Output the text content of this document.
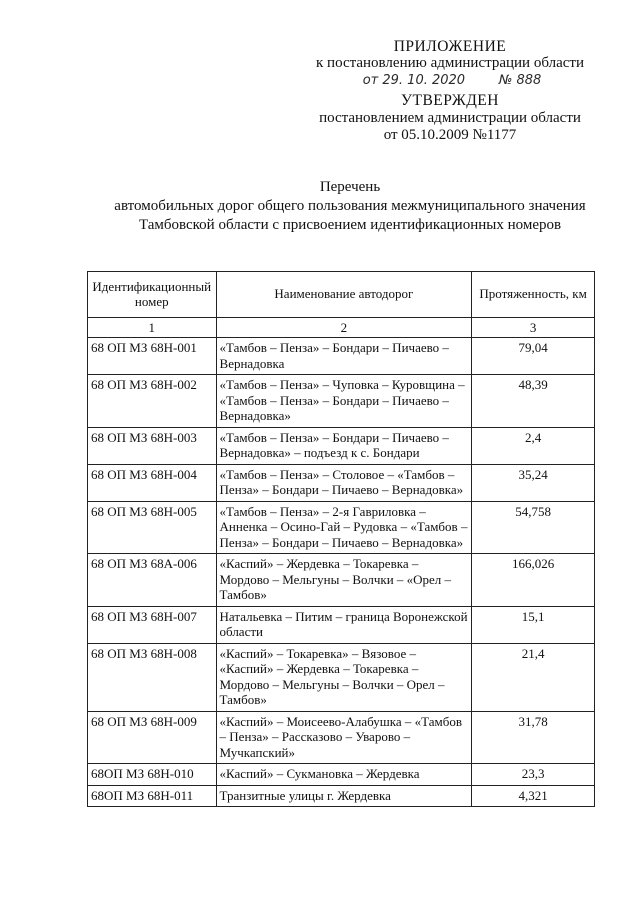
ПРИЛОЖЕНИЕ
к постановлению администрации области
от 29. 10. 2020	№ 888
УТВЕРЖДЕН
постановлением администрации области
от 05.10.2009 №1177
Перечень
автомобильных дорог общего пользования межмуниципального значения
Тамбовской области с присвоением идентификационных номеров
Идентификационный номер	Наименование автодорог	Протяженность, км
1	2	3
68 ОП МЗ 68Н-001	«Тамбов – Пенза» – Бондари – Пичаево – Вернадовка	79,04
68 ОП МЗ 68Н-002	«Тамбов – Пенза» – Чуповка – Куровщина – «Тамбов – Пенза» – Бондари – Пичаево – Вернадовка»	48,39
68 ОП МЗ 68Н-003	«Тамбов – Пенза» – Бондари – Пичаево – Вернадовка» – подъезд к с. Бондари	2,4
68 ОП МЗ 68Н-004	«Тамбов – Пенза» – Столовое – «Тамбов – Пенза» – Бондари – Пичаево – Вернадовка»	35,24
68 ОП МЗ 68Н-005	«Тамбов – Пенза» – 2-я Гавриловка – Анненка – Осино-Гай – Рудовка – «Тамбов – Пенза» – Бондари – Пичаево – Вернадовка»	54,758
68 ОП МЗ 68А-006	«Каспий» – Жердевка – Токаревка – Мордово – Мельгуны – Волчки – «Орел – Тамбов»	166,026
68 ОП МЗ 68Н-007	Натальевка – Питим – граница Воронежской области	15,1
68 ОП МЗ 68Н-008	«Каспий» – Токаревка» – Вязовое – «Каспий» – Жердевка – Токаревка – Мордово – Мельгуны – Волчки – Орел – Тамбов»	21,4
68 ОП МЗ 68Н-009	«Каспий» – Моисеево-Алабушка – «Тамбов – Пенза» – Рассказово – Уварово – Мучкапский»	31,78
68ОП МЗ 68Н-010	«Каспий» – Сукмановка – Жердевка	23,3
68ОП МЗ 68Н-011	Транзитные улицы г. Жердевка	4,321
